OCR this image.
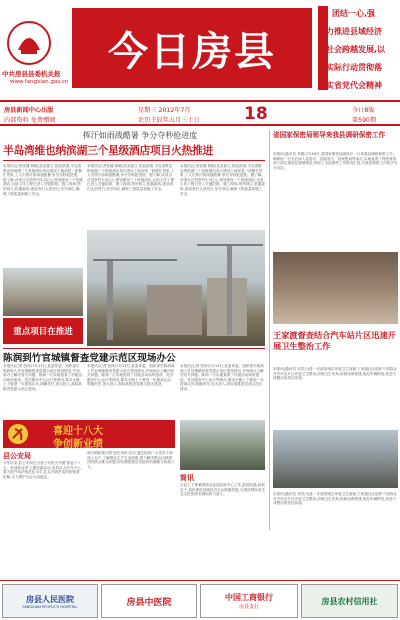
中共房县县委机关报
www.fangxian.gov.cn
今日房县
团结一心,强
力推进县域经济
社会跨越发展,以
实际行动贯彻落
实省党代会精神
房县新闻中心出版
内部资料 免费赠阅
星期三 2012年7月
农历壬辰年五月三十日	18	今日8版
第590期
挥汗如雨战酷暑 争分夺秒抢进度
半岛湾维也纳滨湖三个星级酒店项目火热推进
本报讯(记者张娜 陈敏)炎炎夏日,热浪滚滚,半岛湾维也纳滨湖三个星级酒店项目建设工地却是一派繁忙景象,工人们挥汗如雨战酷暑,争分夺秒抢进度。据了解,该项目总投资约3.2亿元,规划建设三个星级酒店,目前主体工程已进入关键阶段。施工现场,塔吊林立,机器轰鸣,建设者们头顶烈日,坚守岗位,确保工程质量和施工安全。
本报讯(记者张娜 陈敏)炎炎夏日,热浪滚滚,半岛湾维也纳滨湖三个星级酒店项目建设工地却是一派繁忙景象,工人们挥汗如雨战酷暑,争分夺秒抢进度。据了解,该项目总投资约3.2亿元,规划建设三个星级酒店,目前主体工程已进入关键阶段。施工现场,塔吊林立,机器轰鸣,建设者们头顶烈日,坚守岗位,确保工程质量和施工安全。
本报讯(记者张娜 陈敏)炎炎夏日,热浪滚滚,半岛湾维也纳滨湖三个星级酒店项目建设工地却是一派繁忙景象,工人们挥汗如雨战酷暑,争分夺秒抢进度。据了解,该项目总投资约3.2亿元,规划建设三个星级酒店,目前主体工程已进入关键阶段。施工现场,塔吊林立,机器轰鸣,建设者们头顶烈日,坚守岗位,确保工程质量和施工安全。
重点项目在推进
省国家保密局领导来我县调研保密工作
本报讯(通讯员 李娟)7月16日,省国家保密局副局长一行来我县调研保密工作。调研组一行先后深入县委办、县政府办、县保密局等单位,实地查看了保密要害部门部位建设及管理情况,听取了全县保密工作情况汇报,对我县保密工作给予充分肯定。
王家渡督查结合汽车站片区迅速开展卫生整治工作
本报讯(通讯员 刘芳)为进一步改善城区环境卫生面貌,王家渡社区组织干部群众对汽车站片区开展卫生整治,清理卫生死角,拆除违章搭建,规范车辆停放,营造干净整洁的居住环境。
本报讯(通讯员 刘芳)为进一步改善城区环境卫生面貌,王家渡社区组织干部群众对汽车站片区开展卫生整治,清理卫生死角,拆除违章搭建,规范车辆停放,营造干净整洁的居住环境。
陈润到竹官城镇督查党建示范区现场办公
本报讯(记者 张杨)7月13日,县委常委、组织部长陈润深入竹官城镇督查党建示范区建设情况,并现场办公解决有关问题。陈润一行实地查看了村级活动场所建设、党员服务中心运行等情况,要求全镇上下要进一步提高认识,明确责任,加大投入,高标准推进党建示范区建设。
本报讯(记者 张杨)7月13日,县委常委、组织部长陈润深入竹官城镇督查党建示范区建设情况,并现场办公解决有关问题。陈润一行实地查看了村级活动场所建设、党员服务中心运行等情况,要求全镇上下要进一步提高认识,明确责任,加大投入,高标准推进党建示范区建设。
本报讯(记者 张杨)7月13日,县委常委、组织部长陈润深入竹官城镇督查党建示范区建设情况,并现场办公解决有关问题。陈润一行实地查看了村级活动场所建设、党员服务中心运行等情况,要求全镇上下要进一步提高认识,明确责任,加大投入,高标准推进党建示范区建设。
喜迎十八大
争创新业绩
县公安局
今年以来,县公安局在全县公安机关开展'喜迎十八大、争创新业绩'主题实践活动,坚持以人民为中心,着力提升执法规范化水平,扎实开展矛盾纠纷排查化解,全力维护社会大局稳定。
城关镇积极开展'创先争优'活动,通过组织广大党员干部深入农户,了解群众生产生活困难,着力解决群众反映强烈的热点难点问题,切实增强基层党组织的凝聚力和战斗力。
简讯
全县上下紧紧围绕县委县政府中心工作,抢抓机遇,真抓实干,加快推进县域经济社会跨越发展,为建设鄂西北生态文化旅游名城而努力奋斗。
房县人民医院
FANGXIAN PEOPLE'S HOSPITAL	房县中医院	中国工商银行
房县支行
房县农村信用社
